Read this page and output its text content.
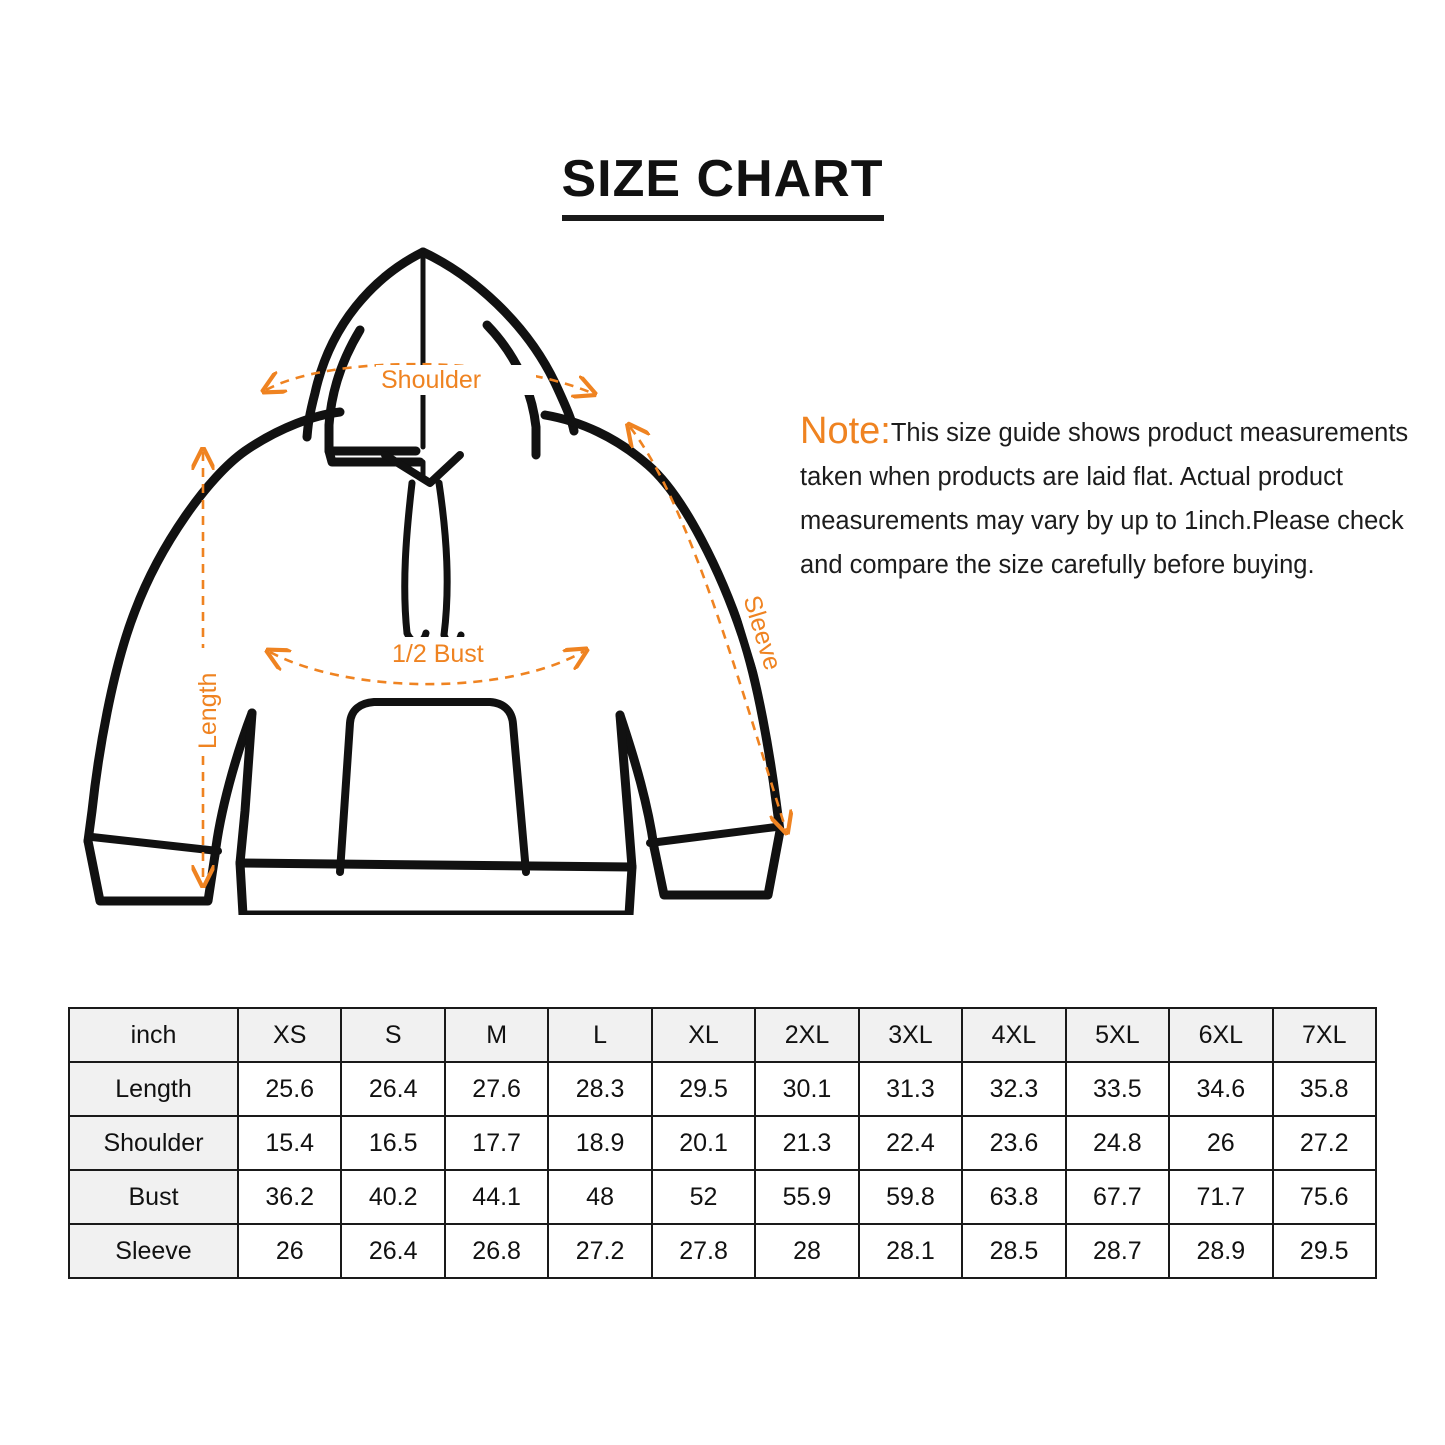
SIZE CHART
Shoulder
1/2 Bust
Length
Sleeve
Note:This size guide shows product measurements taken when products are laid flat. Actual product measurements may vary by up to 1inch.Please check and compare the size carefully before buying.
inch	XS	S	M	L	XL	2XL	3XL	4XL	5XL	6XL	7XL
Length	25.6	26.4	27.6	28.3	29.5	30.1	31.3	32.3	33.5	34.6	35.8
Shoulder	15.4	16.5	17.7	18.9	20.1	21.3	22.4	23.6	24.8	26	27.2
Bust	36.2	40.2	44.1	48	52	55.9	59.8	63.8	67.7	71.7	75.6
Sleeve	26	26.4	26.8	27.2	27.8	28	28.1	28.5	28.7	28.9	29.5
